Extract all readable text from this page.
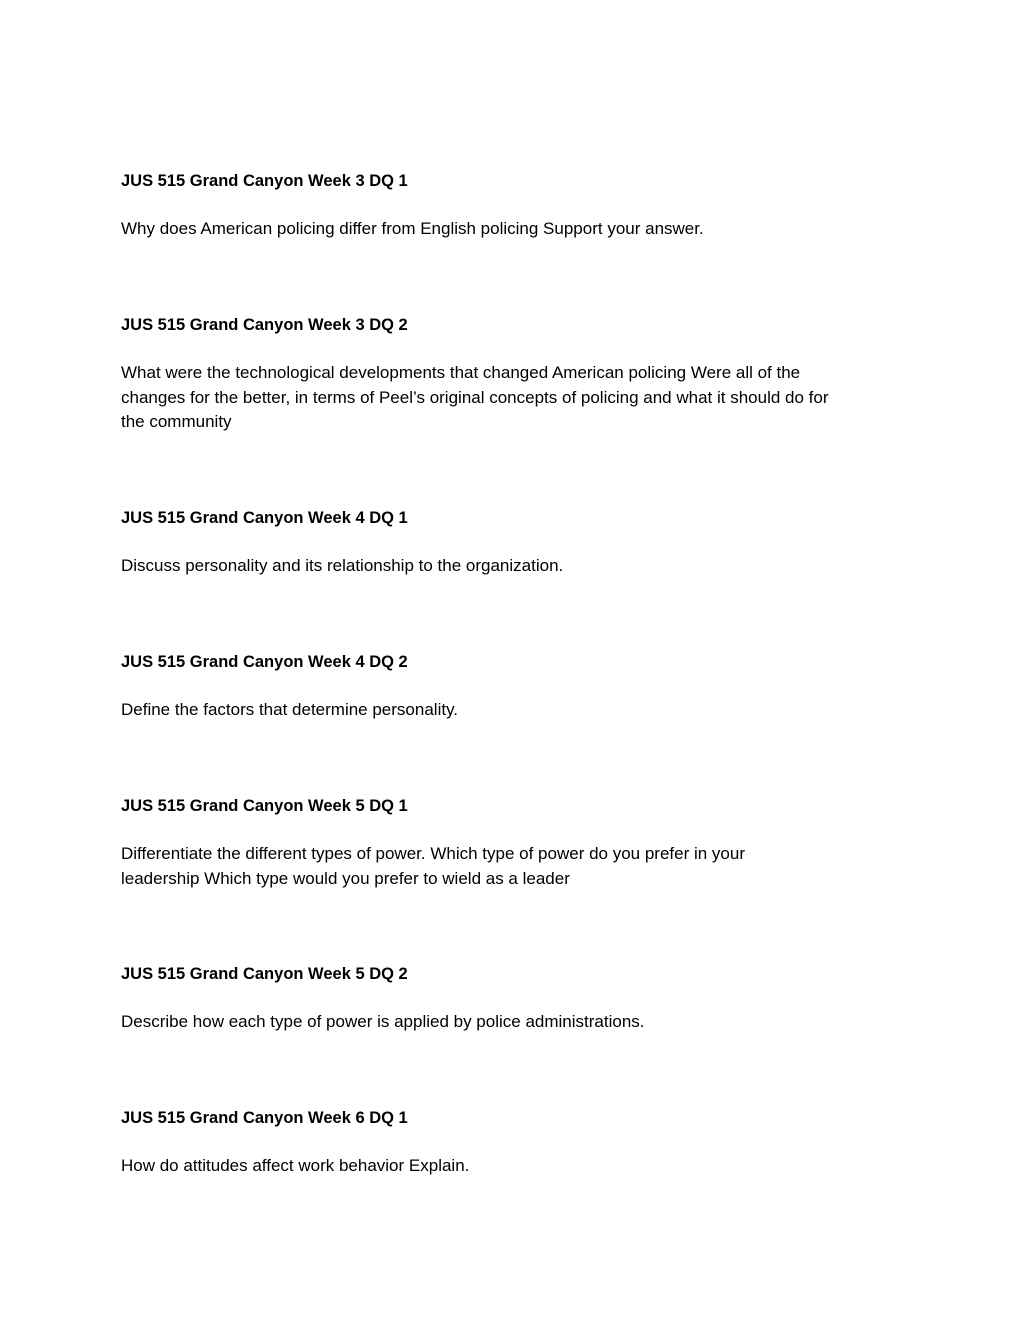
JUS 515 Grand Canyon Week 3 DQ 1

Why does American policing differ from English policing Support your answer.

JUS 515 Grand Canyon Week 3 DQ 2

What were the technological developments that changed American policing Were all of the
changes for the better, in terms of Peel’s original concepts of policing and what it should do for
the community

JUS 515 Grand Canyon Week 4 DQ 1

Discuss personality and its relationship to the organization.

JUS 515 Grand Canyon Week 4 DQ 2

Define the factors that determine personality.

JUS 515 Grand Canyon Week 5 DQ 1

Differentiate the different types of power. Which type of power do you prefer in your
leadership Which type would you prefer to wield as a leader

JUS 515 Grand Canyon Week 5 DQ 2

Describe how each type of power is applied by police administrations.

JUS 515 Grand Canyon Week 6 DQ 1

How do attitudes affect work behavior Explain.
